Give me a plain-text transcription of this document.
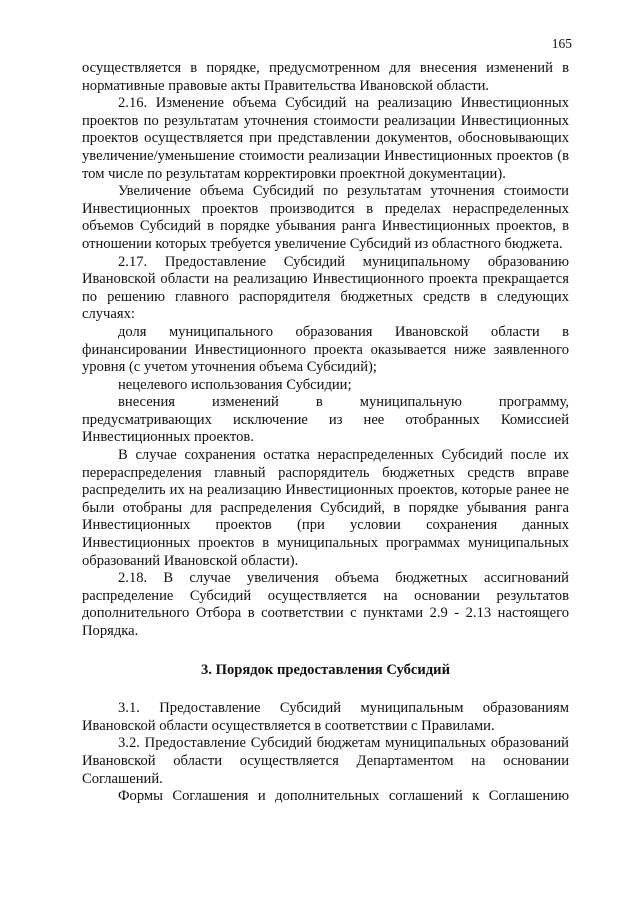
165

осуществляется в порядке, предусмотренном для внесения изменений в нормативные правовые акты Правительства Ивановской области.

2.16. Изменение объема Субсидий на реализацию Инвестиционных проектов по результатам уточнения стоимости реализации Инвестиционных проектов осуществляется при представлении документов, обосновывающих увеличение/уменьшение стоимости реализации Инвестиционных проектов (в том числе по результатам корректировки проектной документации).

Увеличение объема Субсидий по результатам уточнения стоимости Инвестиционных проектов производится в пределах нераспределенных объемов Субсидий в порядке убывания ранга Инвестиционных проектов, в отношении которых требуется увеличение Субсидий из областного бюджета.

2.17. Предоставление Субсидий муниципальному образованию Ивановской области на реализацию Инвестиционного проекта прекращается по решению главного распорядителя бюджетных средств в следующих случаях:

доля муниципального образования Ивановской области в финансировании Инвестиционного проекта оказывается ниже заявленного уровня (с учетом уточнения объема Субсидий);

нецелевого использования Субсидии;

внесения изменений в муниципальную программу, предусматривающих исключение из нее отобранных Комиссией Инвестиционных проектов.

В случае сохранения остатка нераспределенных Субсидий после их перераспределения главный распорядитель бюджетных средств вправе распределить их на реализацию Инвестиционных проектов, которые ранее не были отобраны для распределения Субсидий, в порядке убывания ранга Инвестиционных проектов (при условии сохранения данных Инвестиционных проектов в муниципальных программах муниципальных образований Ивановской области).

2.18. В случае увеличения объема бюджетных ассигнований распределение Субсидий осуществляется на основании результатов дополнительного Отбора в соответствии с пунктами 2.9 - 2.13 настоящего Порядка.

3. Порядок предоставления Субсидий

3.1. Предоставление Субсидий муниципальным образованиям Ивановской области осуществляется в соответствии с Правилами.

3.2. Предоставление Субсидий бюджетам муниципальных образований Ивановской области осуществляется Департаментом на основании Соглашений.

Формы Соглашения и дополнительных соглашений к Соглашению
